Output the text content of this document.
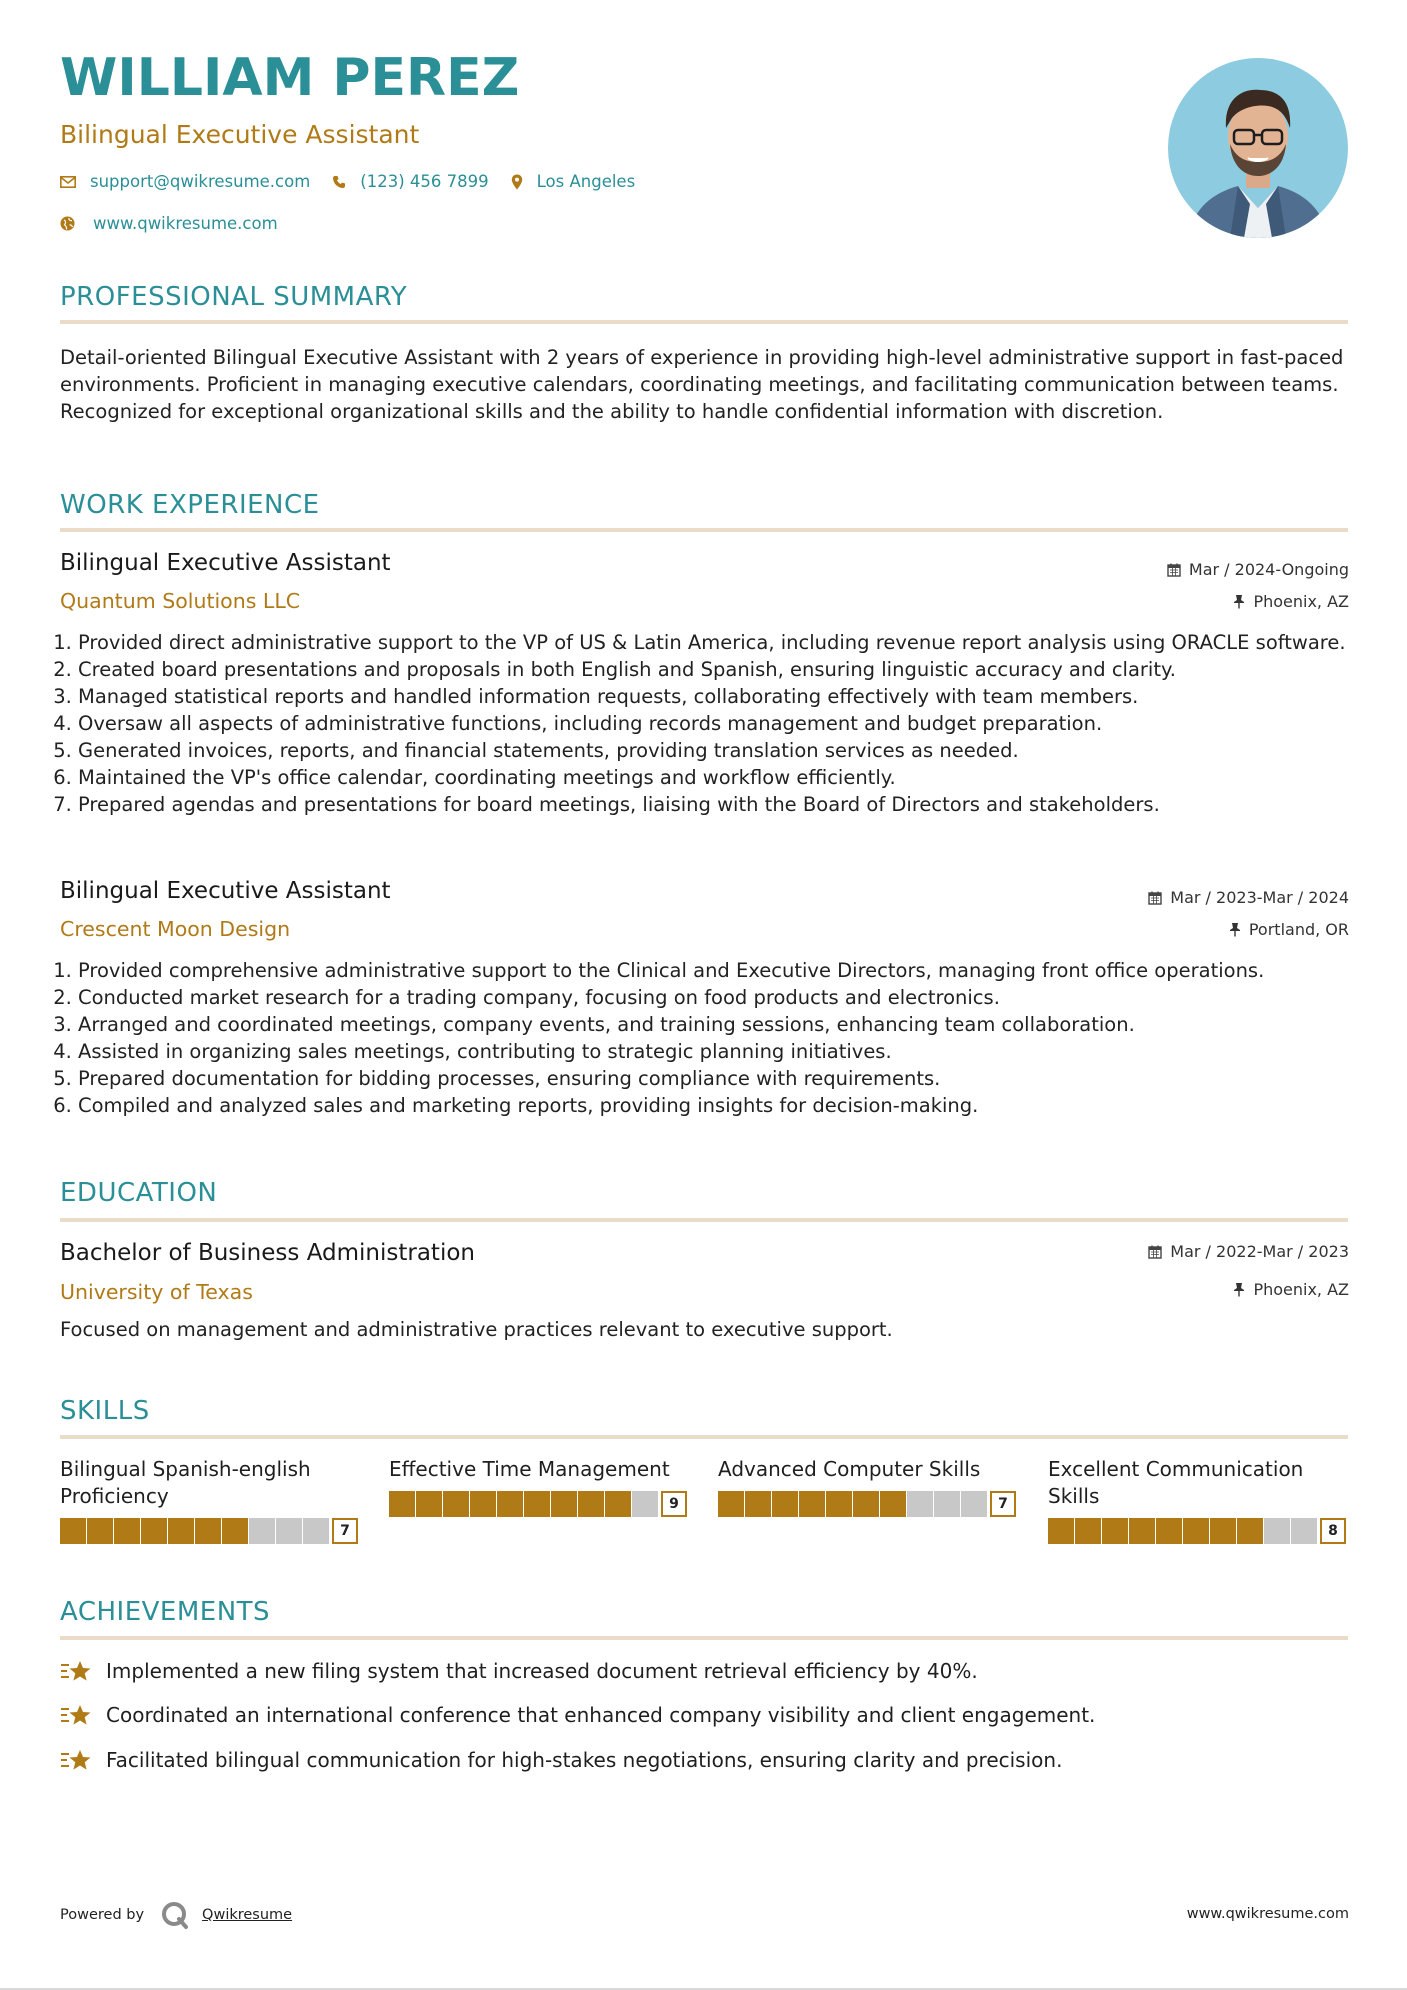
WILLIAM PEREZ
Bilingual Executive Assistant
support@qwikresume.com	(123) 456 7899	Los Angeles
www.qwikresume.com
PROFESSIONAL SUMMARY
Detail-oriented Bilingual Executive Assistant with 2 years of experience in providing high-level administrative support in fast-paced environments. Proficient in managing executive calendars, coordinating meetings, and facilitating communication between teams. Recognized for exceptional organizational skills and the ability to handle confidential information with discretion.
WORK EXPERIENCE
Bilingual Executive Assistant
Quantum Solutions LLC
Mar / 2024-Ongoing
Phoenix, AZ
1. Provided direct administrative support to the VP of US & Latin America, including revenue report analysis using ORACLE software.
2. Created board presentations and proposals in both English and Spanish, ensuring linguistic accuracy and clarity.
3. Managed statistical reports and handled information requests, collaborating effectively with team members.
4. Oversaw all aspects of administrative functions, including records management and budget preparation.
5. Generated invoices, reports, and financial statements, providing translation services as needed.
6. Maintained the VP's office calendar, coordinating meetings and workflow efficiently.
7. Prepared agendas and presentations for board meetings, liaising with the Board of Directors and stakeholders.
Bilingual Executive Assistant
Crescent Moon Design
Mar / 2023-Mar / 2024
Portland, OR
1. Provided comprehensive administrative support to the Clinical and Executive Directors, managing front office operations.
2. Conducted market research for a trading company, focusing on food products and electronics.
3. Arranged and coordinated meetings, company events, and training sessions, enhancing team collaboration.
4. Assisted in organizing sales meetings, contributing to strategic planning initiatives.
5. Prepared documentation for bidding processes, ensuring compliance with requirements.
6. Compiled and analyzed sales and marketing reports, providing insights for decision-making.
EDUCATION
Bachelor of Business Administration
University of Texas
Mar / 2022-Mar / 2023
Phoenix, AZ
Focused on management and administrative practices relevant to executive support.
SKILLS
Bilingual Spanish-english Proficiency
7
Effective Time Management
9
Advanced Computer Skills
7
Excellent Communication Skills
8
ACHIEVEMENTS
Implemented a new filing system that increased document retrieval efficiency by 40%.
Coordinated an international conference that enhanced company visibility and client engagement.
Facilitated bilingual communication for high-stakes negotiations, ensuring clarity and precision.
Powered by	Qwikresume	www.qwikresume.com
